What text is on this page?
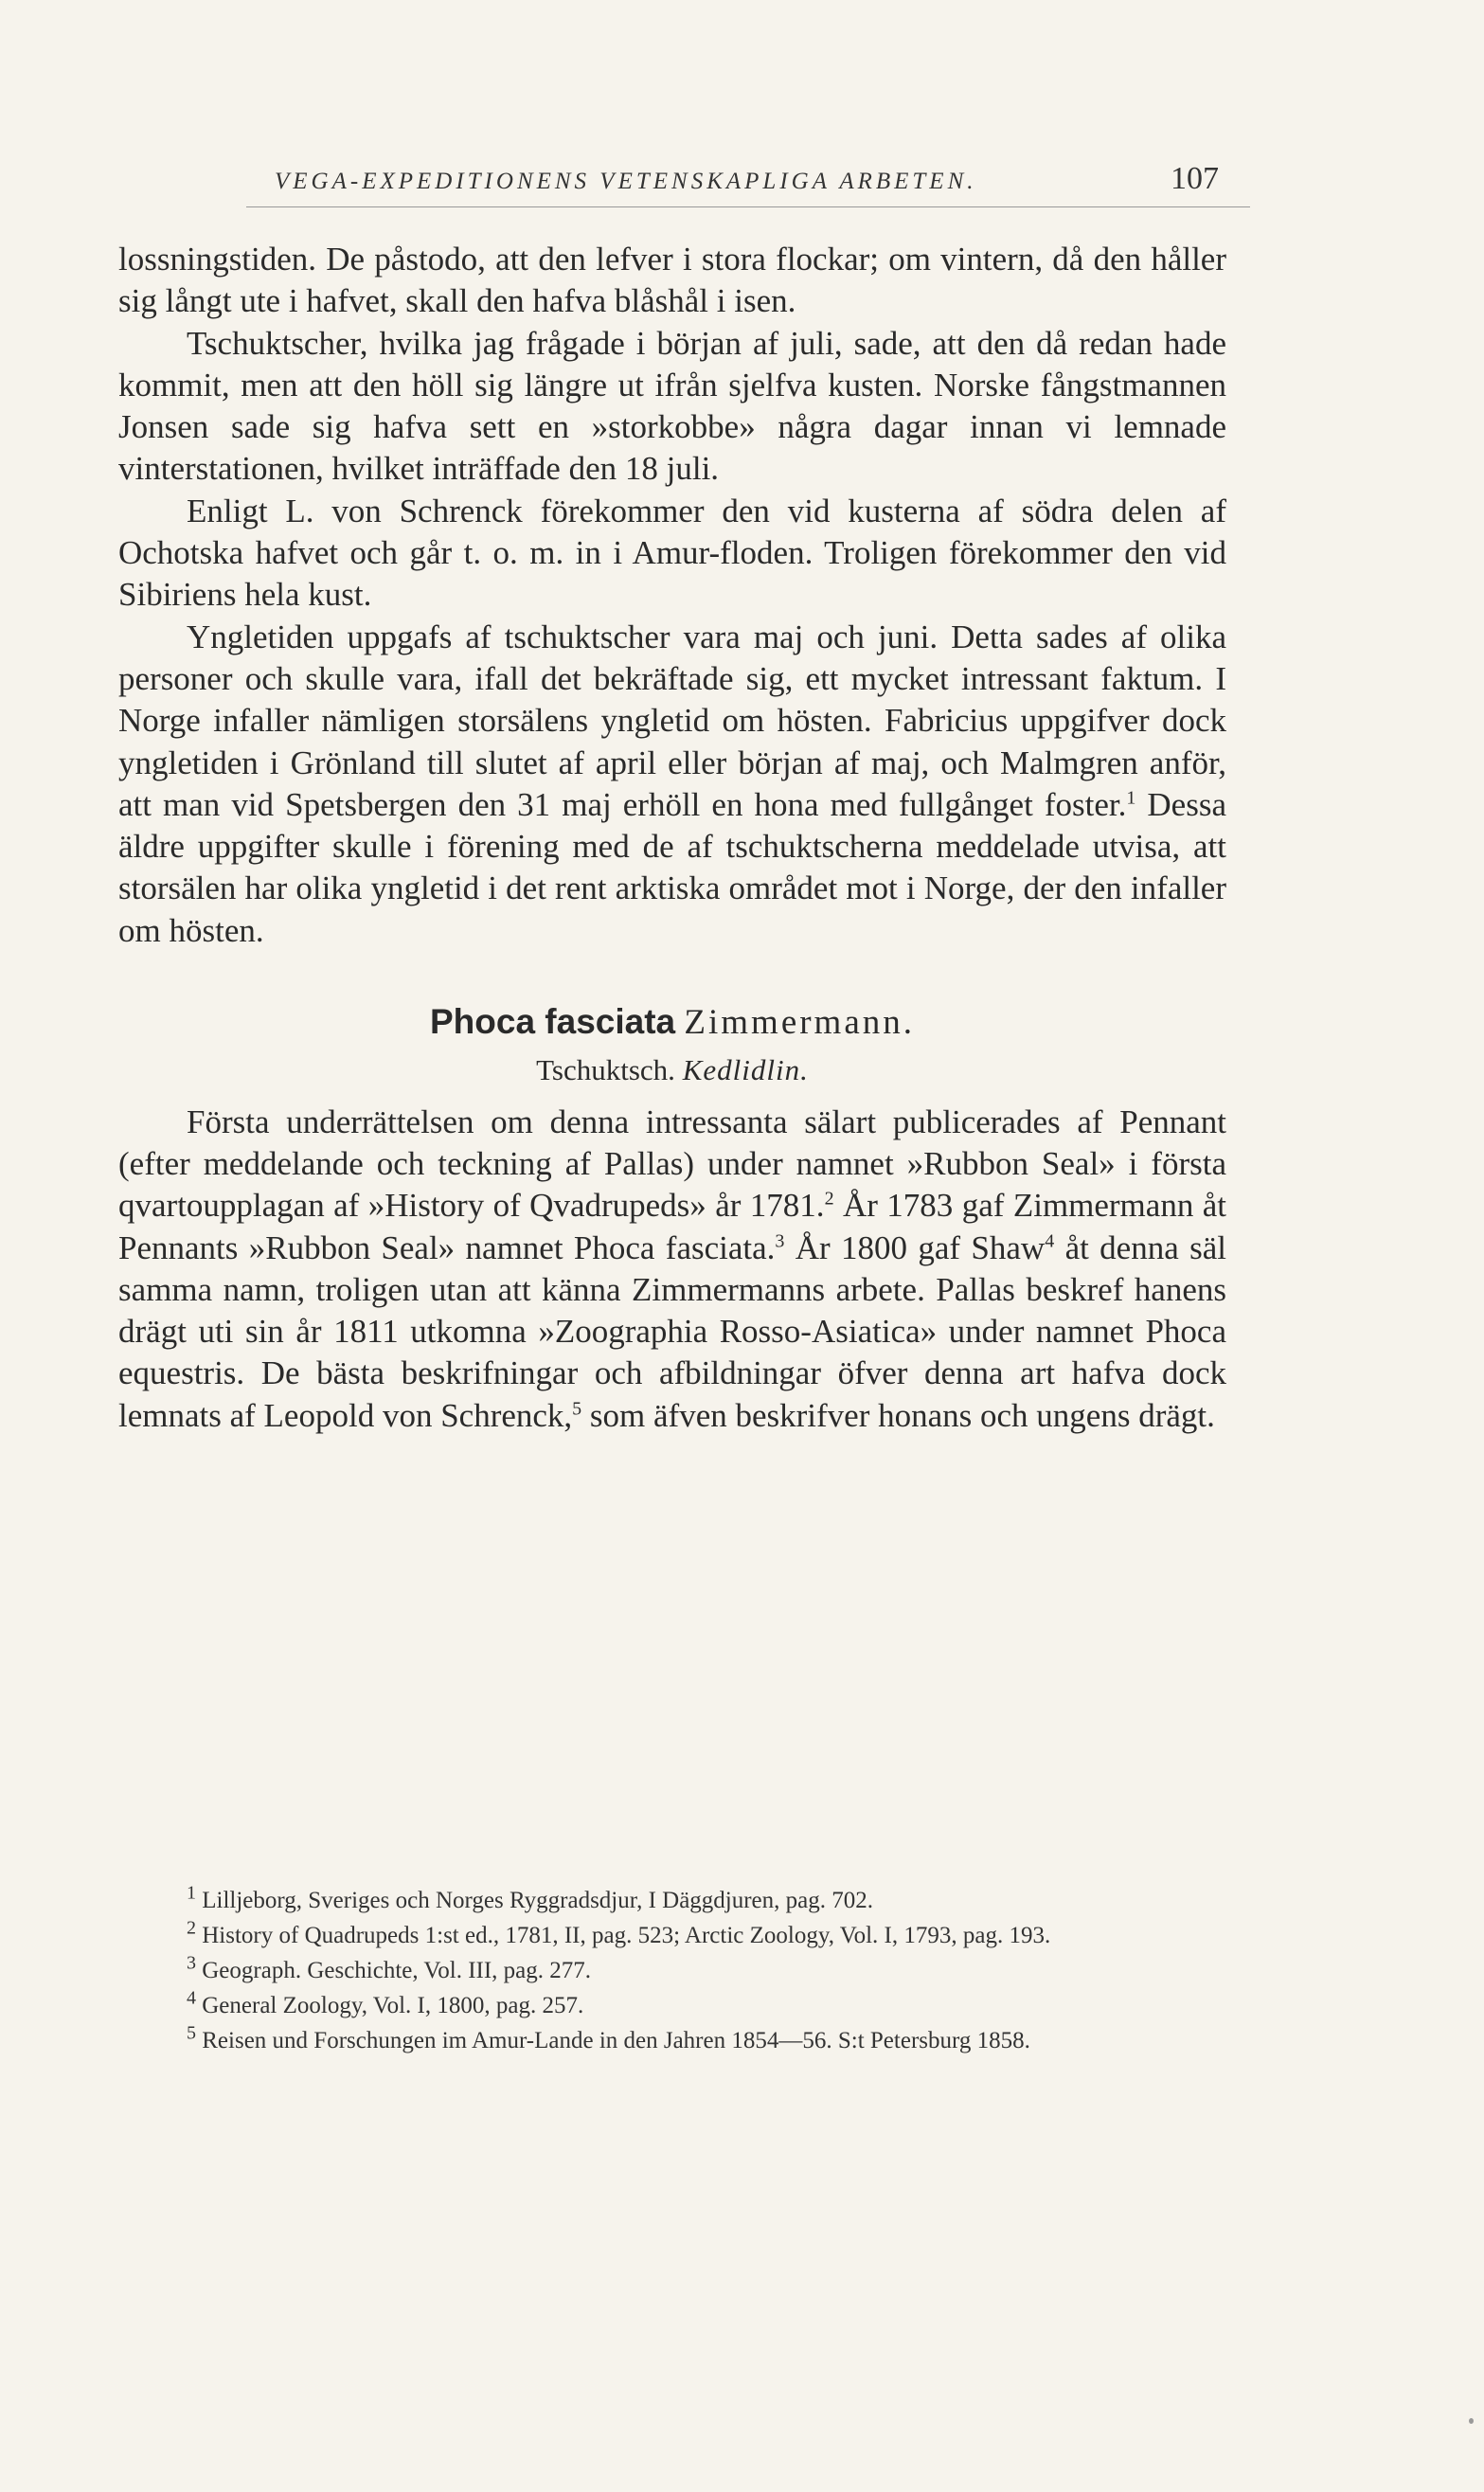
VEGA-EXPEDITIONENS VETENSKAPLIGA ARBETEN.	107

lossningstiden. De påstodo, att den lefver i stora flockar; om vintern, då den håller sig långt ute i hafvet, skall den hafva blåshål i isen.

Tschuktscher, hvilka jag frågade i början af juli, sade, att den då redan hade kommit, men att den höll sig längre ut ifrån sjelfva kusten. Norske fångstmannen Jonsen sade sig hafva sett en »storkobbe» några dagar innan vi lemnade vinterstationen, hvilket inträffade den 18 juli.

Enligt L. von Schrenck förekommer den vid kusterna af södra delen af Ochotska hafvet och går t. o. m. in i Amur-floden. Troligen förekommer den vid Sibiriens hela kust.

Yngletiden uppgafs af tschuktscher vara maj och juni. Detta sades af olika personer och skulle vara, ifall det bekräftade sig, ett mycket intressant faktum. I Norge infaller nämligen storsälens yngletid om hösten. Fabricius uppgifver dock yngletiden i Grönland till slutet af april eller början af maj, och Malmgren anför, att man vid Spetsbergen den 31 maj erhöll en hona med fullgånget foster.$^1$ Dessa äldre uppgifter skulle i förening med de af tschuktscherna meddelade utvisa, att storsälen har olika yngletid i det rent arktiska området mot i Norge, der den infaller om hösten.

Phoca fasciata Zimmermann.
Tschuktsch. Kedlidlin.

Första underrättelsen om denna intressanta sälart publicerades af Pennant (efter meddelande och teckning af Pallas) under namnet »Rubbon Seal» i första qvartoupplagan af »History of Qvadrupeds» år 1781.$^2$ År 1783 gaf Zimmermann åt Pennants »Rubbon Seal» namnet Phoca fasciata.$^3$ År 1800 gaf Shaw$^4$ åt denna säl samma namn, troligen utan att känna Zimmermanns arbete. Pallas beskref hanens drägt uti sin år 1811 utkomna »Zoographia Rosso-Asiatica» under namnet Phoca equestris. De bästa beskrifningar och afbildningar öfver denna art hafva dock lemnats af Leopold von Schrenck,$^5$ som äfven beskrifver honans och ungens drägt.

$^1$ Lilljeborg, Sveriges och Norges Ryggradsdjur, I Däggdjuren, pag. 702.

$^2$ History of Quadrupeds 1:st ed., 1781, II, pag. 523; Arctic Zoology, Vol. I, 1793, pag. 193.

$^3$ Geograph. Geschichte, Vol. III, pag. 277.

$^4$ General Zoology, Vol. I, 1800, pag. 257.

$^5$ Reisen und Forschungen im Amur-Lande in den Jahren 1854—56. S:t Petersburg 1858.
